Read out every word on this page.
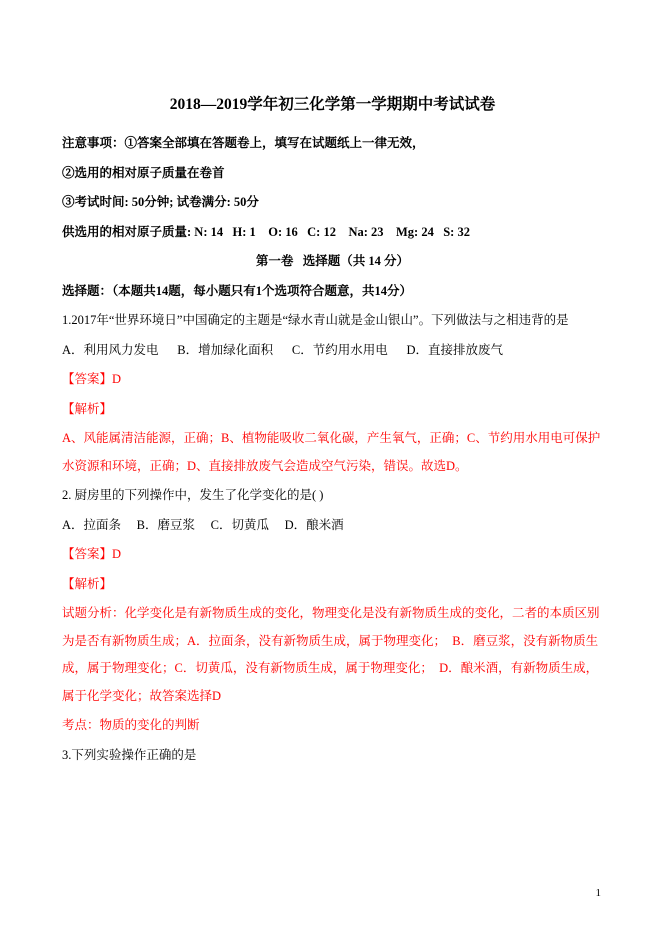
2018—2019学年初三化学第一学期期中考试试卷
注意事项：①答案全部填在答题卷上，填写在试题纸上一律无效，
②选用的相对原子质量在卷首
③考试时间: 50分钟; 试卷满分: 50分
供选用的相对原子质量: N: 14   H: 1    O: 16   C: 12    Na: 23    Mg: 24   S: 32
第一卷   选择题（共 14 分）
选择题：（本题共14题，每小题只有1个选项符合题意，共14分）
1.2017年“世界环境日”中国确定的主题是“绿水青山就是金山银山”。下列做法与之相违背的是
A．利用风力发电      B．增加绿化面积      C．节约用水用电      D．直接排放废气
【答案】D
【解析】
A、风能属清洁能源，正确；B、植物能吸收二氧化碳，产生氧气，正确；C、节约用水用电可保护水资源和环境，正确；D、直接排放废气会造成空气污染，错误。故选D。
2. 厨房里的下列操作中，发生了化学变化的是( )
A．拉面条     B．磨豆浆     C．切黄瓜     D．酿米酒
【答案】D
【解析】
试题分析：化学变化是有新物质生成的变化，物理变化是没有新物质生成的变化，二者的本质区别为是否有新物质生成；A．拉面条，没有新物质生成，属于物理变化；  B．磨豆浆，没有新物质生成，属于物理变化；C．切黄瓜，没有新物质生成，属于物理变化；  D．酿米酒，有新物质生成，属于化学变化；故答案选择D
考点：物质的变化的判断
3.下列实验操作正确的是
1
